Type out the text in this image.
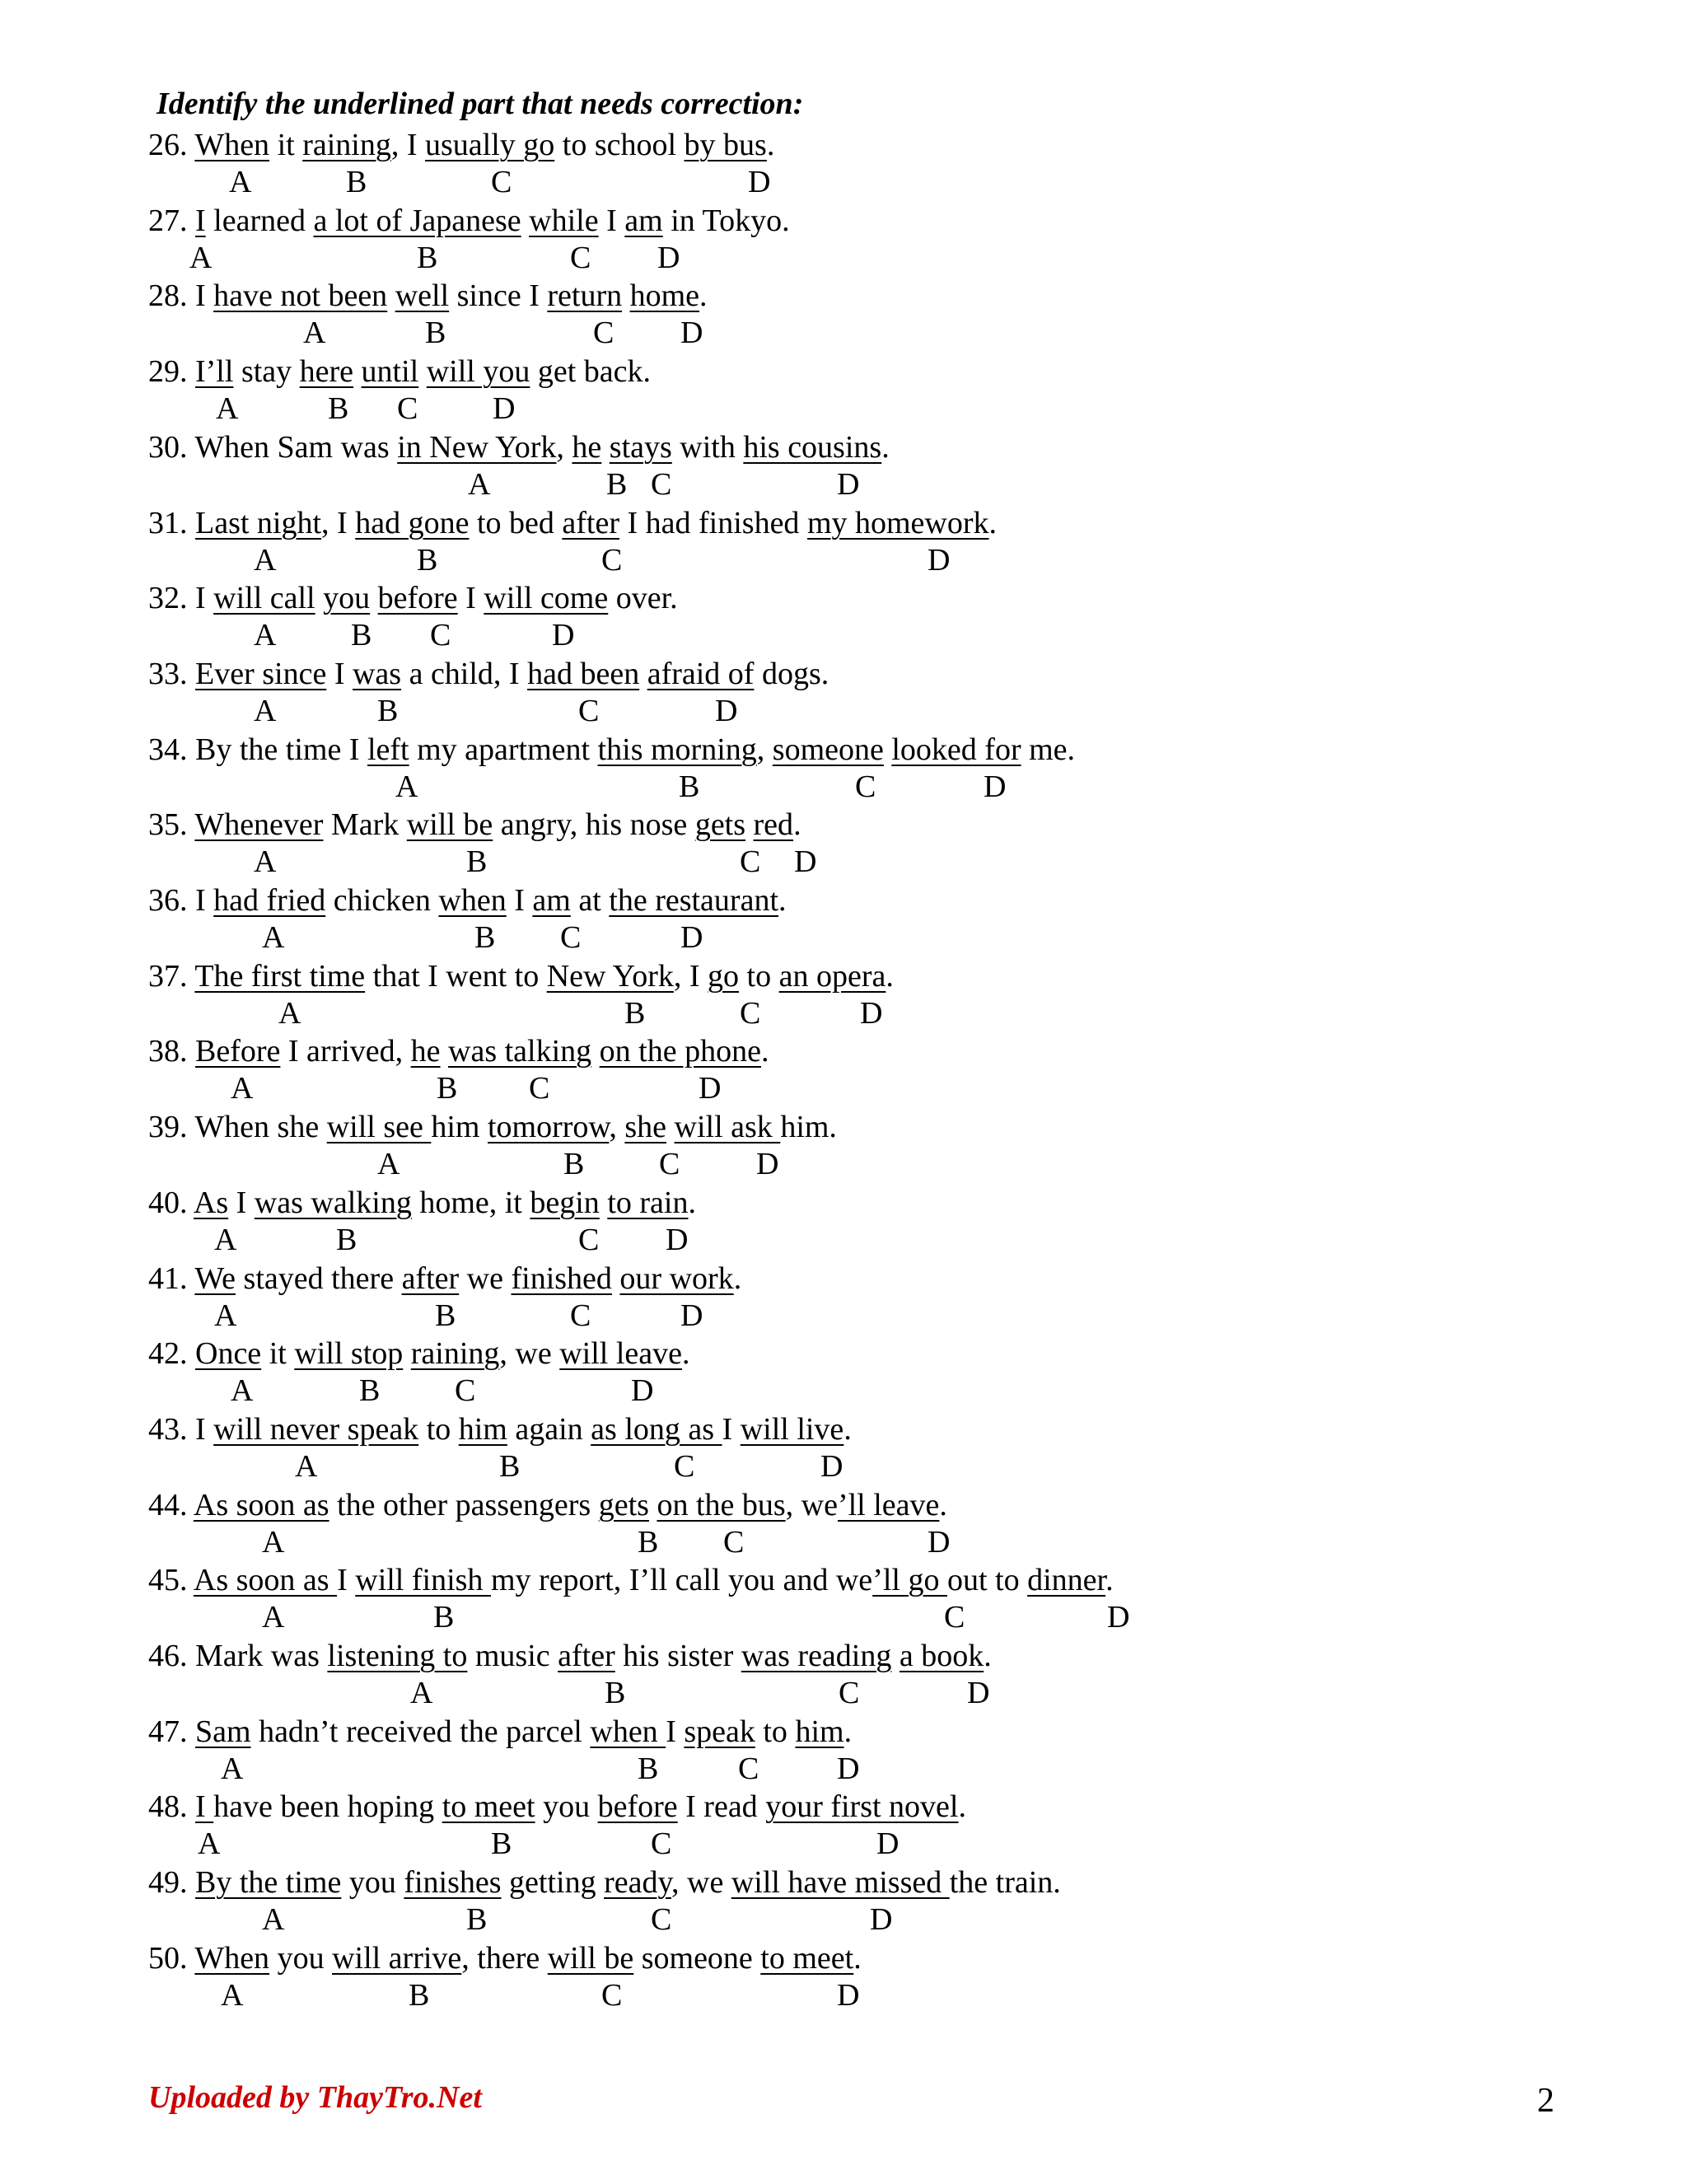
Identify the underlined part that needs correction:
26. When it raining, I usually go to school by bus.
A	B	C	D
27. I learned a lot of Japanese while I am in Tokyo.
A	B	C D
28. I have not been well since I return home.
A	B	C D
29. I’ll stay here until will you get back.
A	B C D
30. When Sam was in New York, he stays with his cousins.
A	B C	D
31. Last night, I had gone to bed after I had finished my homework.
A	B	C	D
32. I will call you before I will come over.
A B C	D
33. Ever since I was a child, I had been afraid of dogs.
A	B	C	D
34. By the time I left my apartment this morning, someone looked for me.
A	B	C	D
35. Whenever Mark will be angry, his nose gets red.
A	B	C D
36. I had fried chicken when I am at the restaurant.
A	B C	D
37. The first time that I went to New York, I go to an opera.
A	B	C	D
38. Before I arrived, he was talking on the phone.
A	B C	D
39. When she will see him tomorrow, she will ask him.
A	B C D
40. As I was walking home, it begin to rain.
A	B	C D
41. We stayed there after we finished our work.
A	B	C	D
42. Once it will stop raining, we will leave.
A	B C	D
43. I will never speak to him again as long as I will live.
A	B	C	D
44. As soon as the other passengers gets on the bus, we’ll leave.
A	B C	D
45. As soon as I will finish my report, I’ll call you and we’ll go out to dinner.
A	B	C	D
46. Mark was listening to music after his sister was reading a book.
A	B	C	D
47. Sam hadn’t received the parcel when I speak to him.
A	B	C D
48. I have been hoping to meet you before I read your first novel.
A	B	C	D
49. By the time you finishes getting ready, we will have missed the train.
A	B	C	D
50. When you will arrive, there will be someone to meet.
A	B	C	D
Uploaded by ThayTro.Net	2
